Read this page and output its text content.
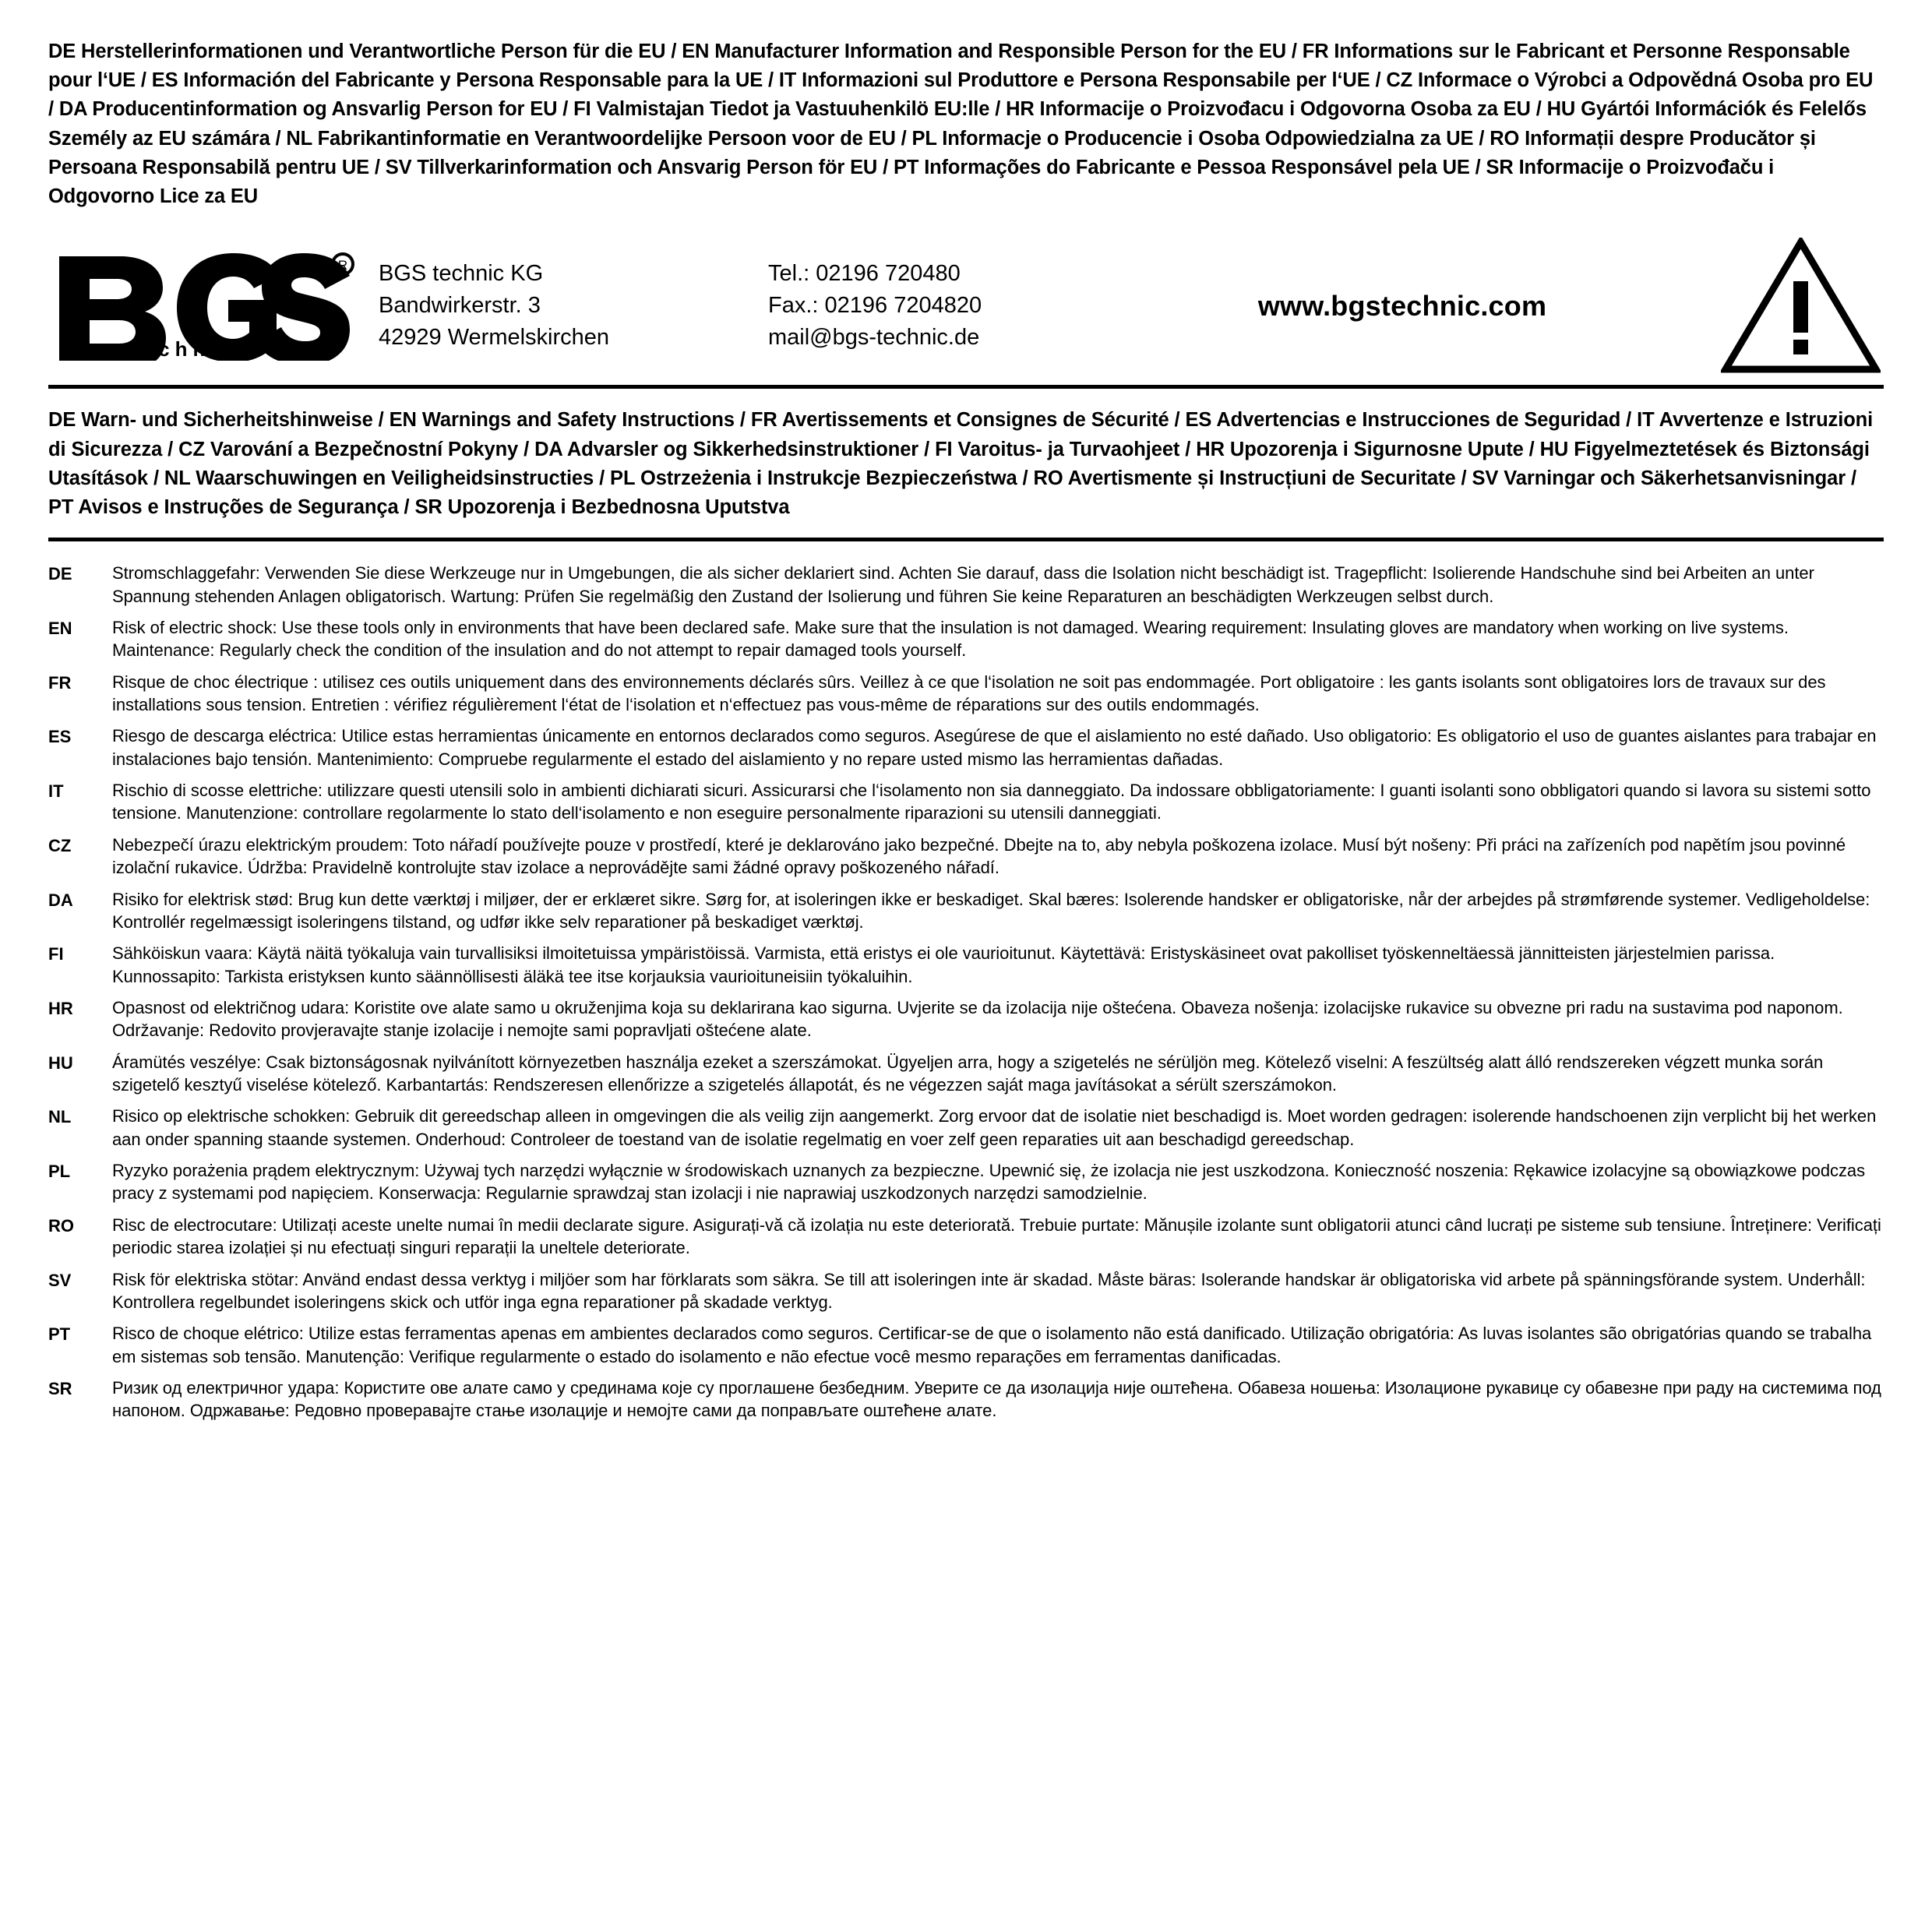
DE Herstellerinformationen und Verantwortliche Person für die EU / EN Manufacturer Information and Responsible Person for the EU / FR Informations sur le Fabricant et Personne Responsable pour l‘UE / ES Información del Fabricante y Persona Responsable para la UE / IT Informazioni sul Produttore e Persona Responsabile per l‘UE / CZ Informace o Výrobci a Odpovědná Osoba pro EU / DA Producentinformation og Ansvarlig Person for EU / FI Valmistajan Tiedot ja Vastuuhenkilö EU:lle / HR Informacije o Proizvođacu i Odgovorna Osoba za EU / HU Gyártói Információk és Felelős Személy az EU számára / NL Fabrikantinformatie en Verantwoordelijke Persoon voor de EU / PL Informacje o Producencie i Osoba Odpowiedzialna za UE / RO Informații despre Producător și Persoana Responsabilă pentru UE / SV Tillverkarinformation och Ansvarig Person för EU / PT Informações do Fabricante e Pessoa Responsável pela UE / SR Informacije o Proizvođaču i Odgovorno Lice za EU
R
technic
BGS technic KG
Bandwirkerstr. 3
42929 Wermelskirchen
Tel.: 02196 720480
Fax.: 02196 7204820
mail@bgs-technic.de
www.bgstechnic.com
DE Warn- und Sicherheitshinweise / EN Warnings and Safety Instructions / FR Avertissements et Consignes de Sécurité / ES Advertencias e Instrucciones de Seguridad / IT Avvertenze e Istruzioni di Sicurezza / CZ Varování a Bezpečnostní Pokyny / DA Advarsler og Sikkerhedsinstruktioner / FI Varoitus- ja Turvaohjeet / HR Upozorenja i Sigurnosne Upute / HU Figyelmeztetések és Biztonsági Utasítások / NL Waarschuwingen en Veiligheidsinstructies / PL Ostrzeżenia i Instrukcje Bezpieczeństwa / RO Avertismente și Instrucțiuni de Securitate / SV Varningar och Säkerhetsanvisningar / PT Avisos e Instruções de Segurança / SR Upozorenja i Bezbednosna Uputstva
DE	Stromschlaggefahr: Verwenden Sie diese Werkzeuge nur in Umgebungen, die als sicher deklariert sind. Achten Sie darauf, dass die Isolation nicht beschädigt ist. Tragepflicht: Isolierende Handschuhe sind bei Arbeiten an unter Spannung stehenden Anlagen obligatorisch. Wartung: Prüfen Sie regelmäßig den Zustand der Isolierung und führen Sie keine Reparaturen an beschädigten Werkzeugen selbst durch.
EN	Risk of electric shock: Use these tools only in environments that have been declared safe. Make sure that the insulation is not damaged. Wearing requirement: Insulating gloves are mandatory when working on live systems. Maintenance: Regularly check the condition of the insulation and do not attempt to repair damaged tools yourself.
FR	Risque de choc électrique : utilisez ces outils uniquement dans des environnements déclarés sûrs. Veillez à ce que l‘isolation ne soit pas endommagée. Port obligatoire : les gants isolants sont obligatoires lors de travaux sur des installations sous tension. Entretien : vérifiez régulièrement l‘état de l‘isolation et n‘effectuez pas vous-même de réparations sur des outils endommagés.
ES	Riesgo de descarga eléctrica: Utilice estas herramientas únicamente en entornos declarados como seguros. Asegúrese de que el aislamiento no esté dañado. Uso obligatorio: Es obligatorio el uso de guantes aislantes para trabajar en instalaciones bajo tensión. Mantenimiento: Compruebe regularmente el estado del aislamiento y no repare usted mismo las herramientas dañadas.
IT	Rischio di scosse elettriche: utilizzare questi utensili solo in ambienti dichiarati sicuri. Assicurarsi che l‘isolamento non sia danneggiato. Da indossare obbligatoriamente: I guanti isolanti sono obbligatori quando si lavora su sistemi sotto tensione. Manutenzione: controllare regolarmente lo stato dell‘isolamento e non eseguire personalmente riparazioni su utensili danneggiati.
CZ	Nebezpečí úrazu elektrickým proudem: Toto nářadí používejte pouze v prostředí, které je deklarováno jako bezpečné. Dbejte na to, aby nebyla poškozena izolace. Musí být nošeny: Při práci na zařízeních pod napětím jsou povinné izolační rukavice. Údržba: Pravidelně kontrolujte stav izolace a neprovádějte sami žádné opravy poškozeného nářadí.
DA	Risiko for elektrisk stød: Brug kun dette værktøj i miljøer, der er erklæret sikre. Sørg for, at isoleringen ikke er beskadiget. Skal bæres: Isolerende handsker er obligatoriske, når der arbejdes på strømførende systemer. Vedligeholdelse: Kontrollér regelmæssigt isoleringens tilstand, og udfør ikke selv reparationer på beskadiget værktøj.
FI	Sähköiskun vaara: Käytä näitä työkaluja vain turvallisiksi ilmoitetuissa ympäristöissä. Varmista, että eristys ei ole vaurioitunut. Käytettävä: Eristyskäsineet ovat pakolliset työskenneltäessä jännitteisten järjestelmien parissa. Kunnossapito: Tarkista eristyksen kunto säännöllisesti äläkä tee itse korjauksia vaurioituneisiin työkaluihin.
HR	Opasnost od električnog udara: Koristite ove alate samo u okruženjima koja su deklarirana kao sigurna. Uvjerite se da izolacija nije oštećena. Obaveza nošenja: izolacijske rukavice su obvezne pri radu na sustavima pod naponom. Održavanje: Redovito provjeravajte stanje izolacije i nemojte sami popravljati oštećene alate.
HU	Áramütés veszélye: Csak biztonságosnak nyilvánított környezetben használja ezeket a szerszámokat. Ügyeljen arra, hogy a szigetelés ne sérüljön meg. Kötelező viselni: A feszültség alatt álló rendszereken végzett munka során szigetelő kesztyű viselése kötelező. Karbantartás: Rendszeresen ellenőrizze a szigetelés állapotát, és ne végezzen saját maga javításokat a sérült szerszámokon.
NL	Risico op elektrische schokken: Gebruik dit gereedschap alleen in omgevingen die als veilig zijn aangemerkt. Zorg ervoor dat de isolatie niet beschadigd is. Moet worden gedragen: isolerende handschoenen zijn verplicht bij het werken aan onder spanning staande systemen. Onderhoud: Controleer de toestand van de isolatie regelmatig en voer zelf geen reparaties uit aan beschadigd gereedschap.
PL	Ryzyko porażenia prądem elektrycznym: Używaj tych narzędzi wyłącznie w środowiskach uznanych za bezpieczne. Upewnić się, że izolacja nie jest uszkodzona. Konieczność noszenia: Rękawice izolacyjne są obowiązkowe podczas pracy z systemami pod napięciem. Konserwacja: Regularnie sprawdzaj stan izolacji i nie naprawiaj uszkodzonych narzędzi samodzielnie.
RO	Risc de electrocutare: Utilizați aceste unelte numai în medii declarate sigure. Asigurați-vă că izolația nu este deteriorată. Trebuie purtate: Mănușile izolante sunt obligatorii atunci când lucrați pe sisteme sub tensiune. Întreținere: Verificați periodic starea izolației și nu efectuați singuri reparații la uneltele deteriorate.
SV	Risk för elektriska stötar: Använd endast dessa verktyg i miljöer som har förklarats som säkra. Se till att isoleringen inte är skadad. Måste bäras: Isolerande handskar är obligatoriska vid arbete på spänningsförande system. Underhåll: Kontrollera regelbundet isoleringens skick och utför inga egna reparationer på skadade verktyg.
PT	Risco de choque elétrico: Utilize estas ferramentas apenas em ambientes declarados como seguros. Certificar-se de que o isolamento não está danificado. Utilização obrigatória: As luvas isolantes são obrigatórias quando se trabalha em sistemas sob tensão. Manutenção: Verifique regularmente o estado do isolamento e não efectue você mesmo reparações em ferramentas danificadas.
SR	Ризик од електричног удара: Користите ове алате само у срединама које су проглашене безбедним. Уверите се да изолација није оштећена. Обавеза ношења: Изолационе рукавице су обавезне при раду на системима под напоном. Одржавање: Редовно проверавајте стање изолације и немојте сами да поправљате оштећене алате.
